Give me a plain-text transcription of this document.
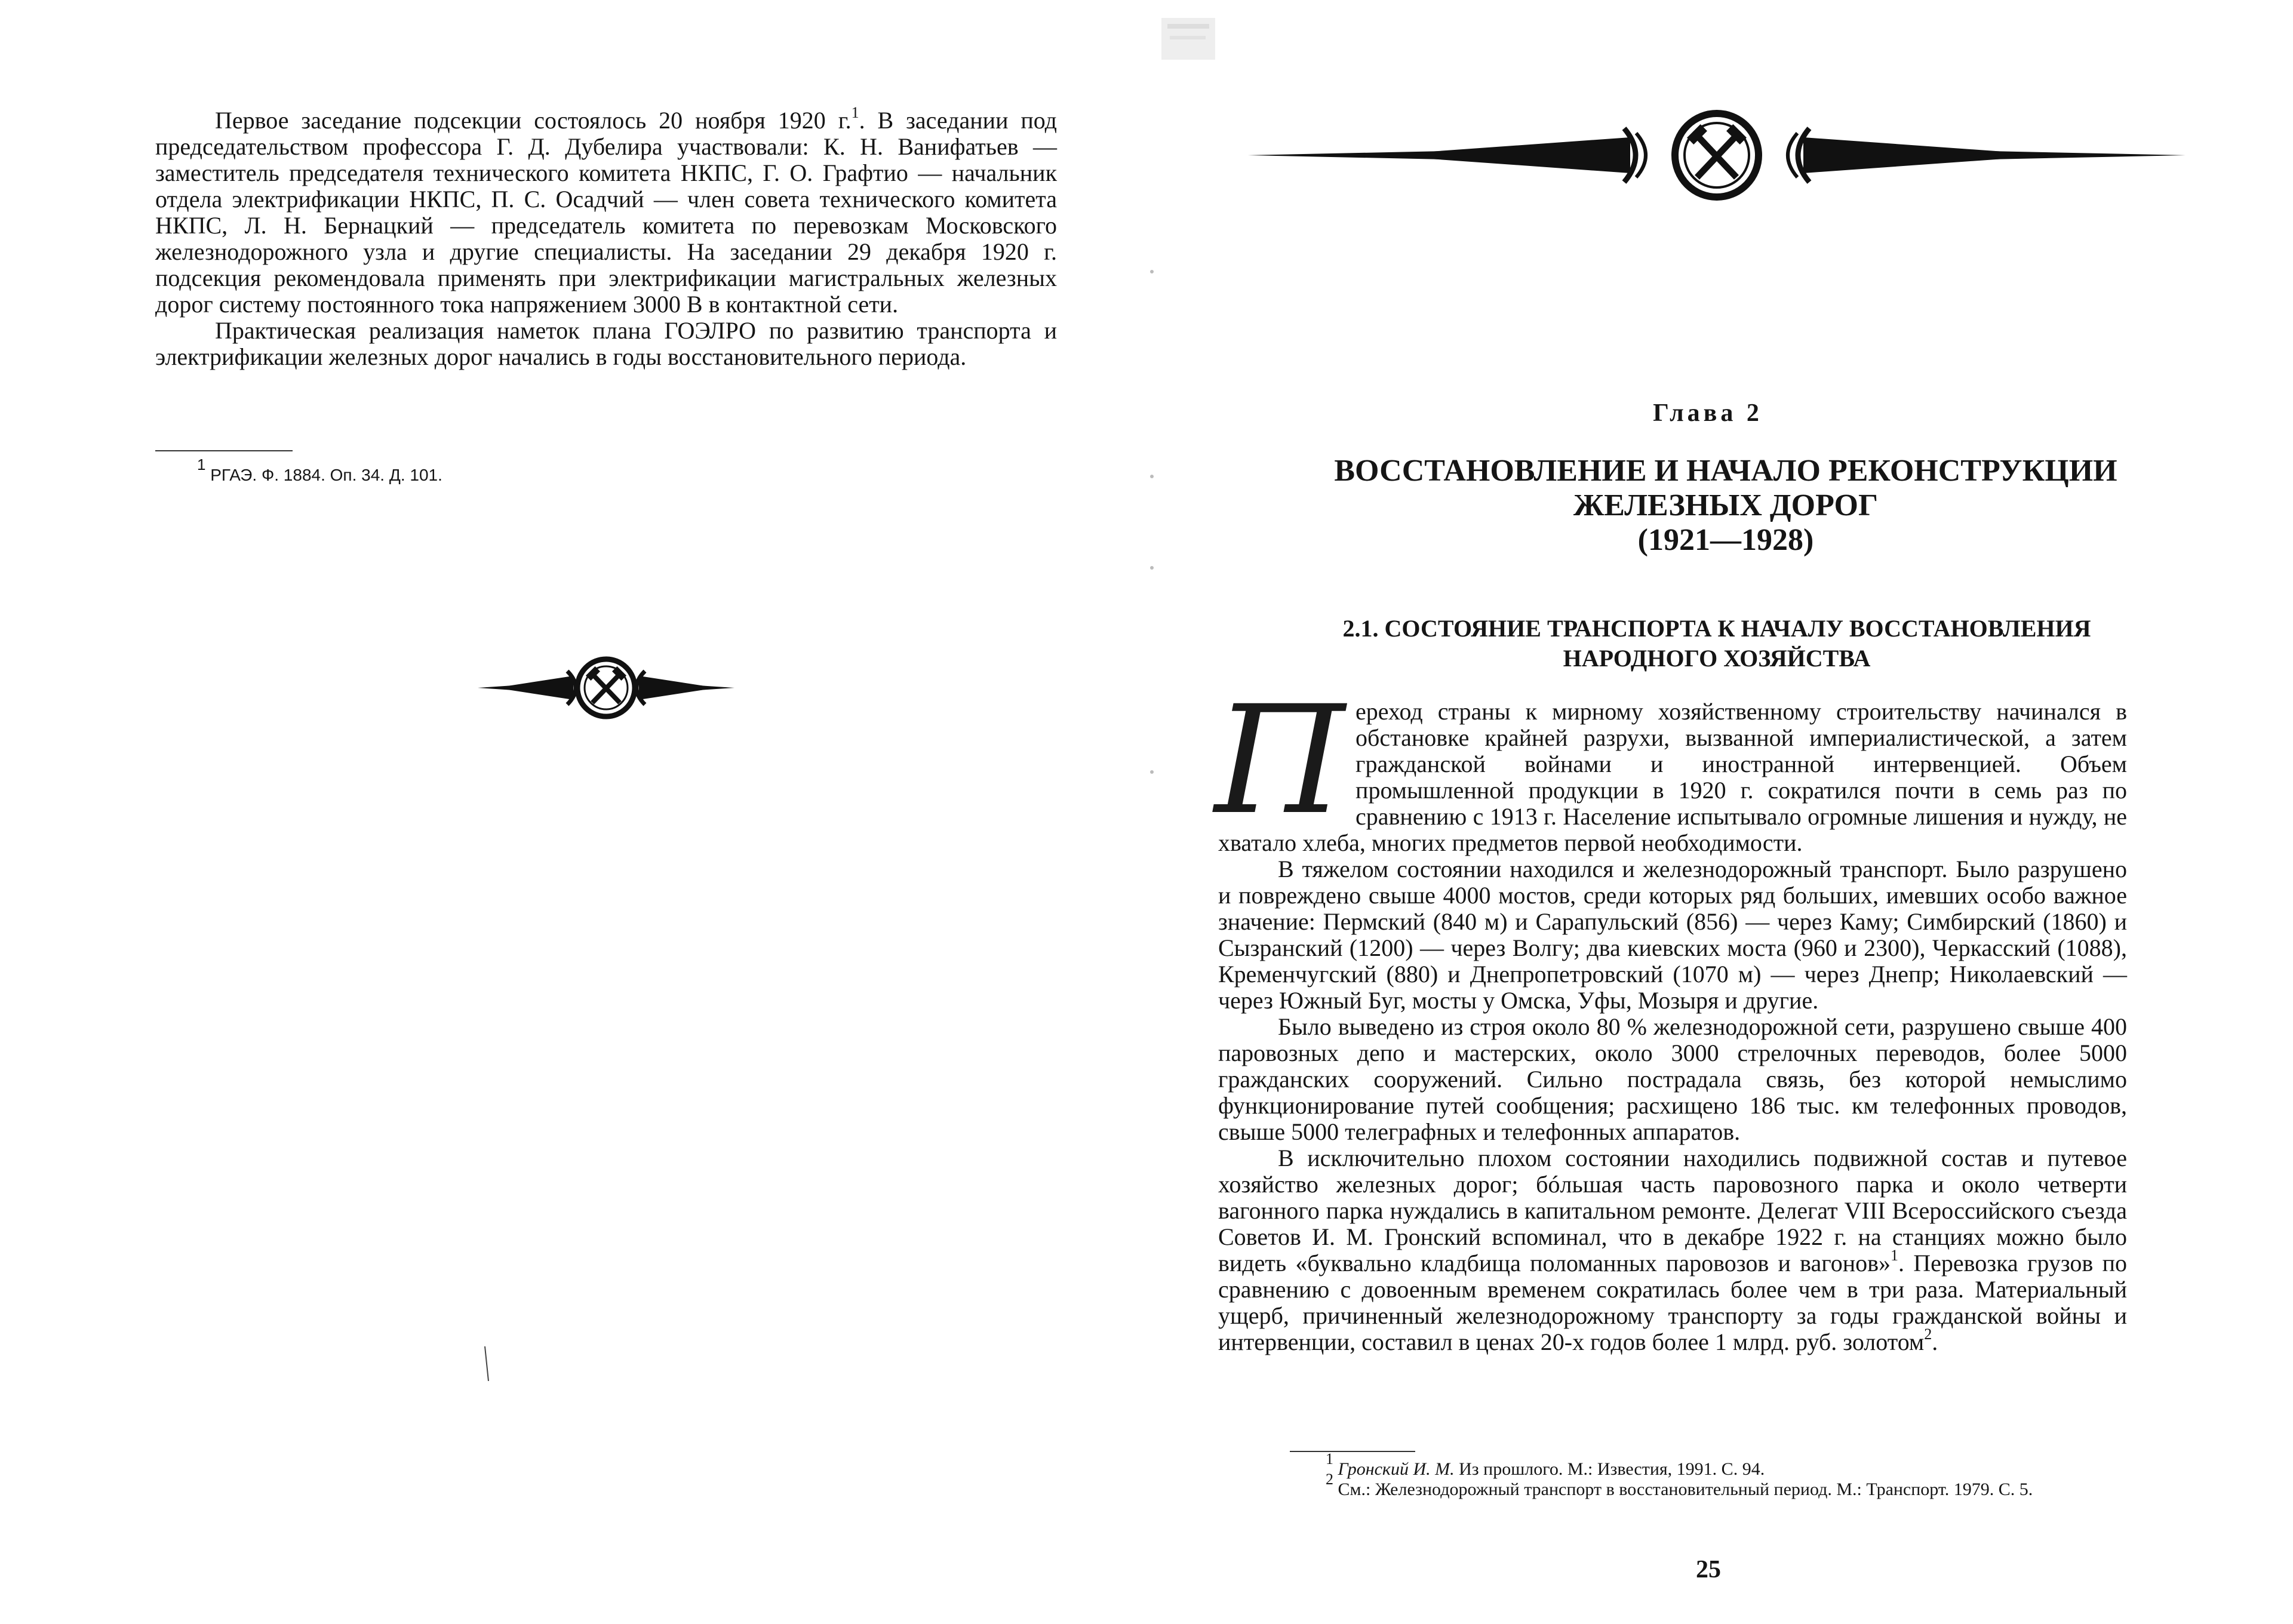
Первое заседание подсекции состоялось 20 ноября 1920 г.$^1$. В заседании под председательством профессора Г. Д. Дубелира участвовали: К. Н. Ванифатьев — заместитель председателя технического комитета НКПС, Г. О. Графтио — начальник отдела электрификации НКПС, П. С. Осадчий — член совета технического комитета НКПС, Л. Н. Бернацкий — председатель комитета по перевозкам Московского железнодорожного узла и другие специалисты. На заседании 29 декабря 1920 г. подсекция рекомендовала применять при электрификации магистральных железных дорог систему постоянного тока напряжением 3000 В в контактной сети.

Практическая реализация наметок плана ГОЭЛРО по развитию транспорта и электрификации железных дорог начались в годы восстановительного периода.

$^1$ РГАЭ. Ф. 1884. Оп. 34. Д. 101.
Глава 2
ВОССТАНОВЛЕНИЕ И НАЧАЛО РЕКОНСТРУКЦИИ
ЖЕЛЕЗНЫХ ДОРОГ
(1921—1928)
2.1. СОСТОЯНИЕ ТРАНСПОРТА К НАЧАЛУ ВОССТАНОВЛЕНИЯ
НАРОДНОГО ХОЗЯЙСТВА

Переход страны к мирному хозяйственному строительству начинался в обстановке крайней разрухи, вызванной империалистической, а затем гражданской войнами и иностранной интервенцией. Объем промышленной продукции в 1920 г. сократился почти в семь раз по сравнению с 1913 г. Население испытывало огромные лишения и нужду, не хватало хлеба, многих предметов первой необходимости.

В тяжелом состоянии находился и железнодорожный транспорт. Было разрушено и повреждено свыше 4000 мостов, среди которых ряд больших, имевших особо важное значение: Пермский (840 м) и Сарапульский (856) — через Каму; Симбирский (1860) и Сызранский (1200) — через Волгу; два киевских моста (960 и 2300), Черкасский (1088), Кременчугский (880) и Днепропетровский (1070 м) — через Днепр; Николаевский — через Южный Буг, мосты у Омска, Уфы, Мозыря и другие.

Было выведено из строя около 80 % железнодорожной сети, разрушено свыше 400 паровозных депо и мастерских, около 3000 стрелочных переводов, более 5000 гражданских сооружений. Сильно пострадала связь, без которой немыслимо функционирование путей сообщения; расхищено 186 тыс. км телефонных проводов, свыше 5000 телеграфных и телефонных аппаратов.

В исключительно плохом состоянии находились подвижной состав и путевое хозяйство железных дорог; бóльшая часть паровозного парка и около четверти вагонного парка нуждались в капитальном ремонте. Делегат VIII Всероссийского съезда Советов И. М. Гронский вспоминал, что в декабре 1922 г. на станциях можно было видеть «буквально кладбища поломанных паровозов и вагонов»$^1$. Перевозка грузов по сравнению с довоенным временем сократилась более чем в три раза. Материальный ущерб, причиненный железнодорожному транспорту за годы гражданской войны и интервенции, составил в ценах 20-х годов более 1 млрд. руб. золотом$^2$.

$^1$ Гронский И. М. Из прошлого. М.: Известия, 1991. С. 94.

$^2$ См.: Железнодорожный транспорт в восстановительный период. М.: Транспорт. 1979. С. 5.

25
